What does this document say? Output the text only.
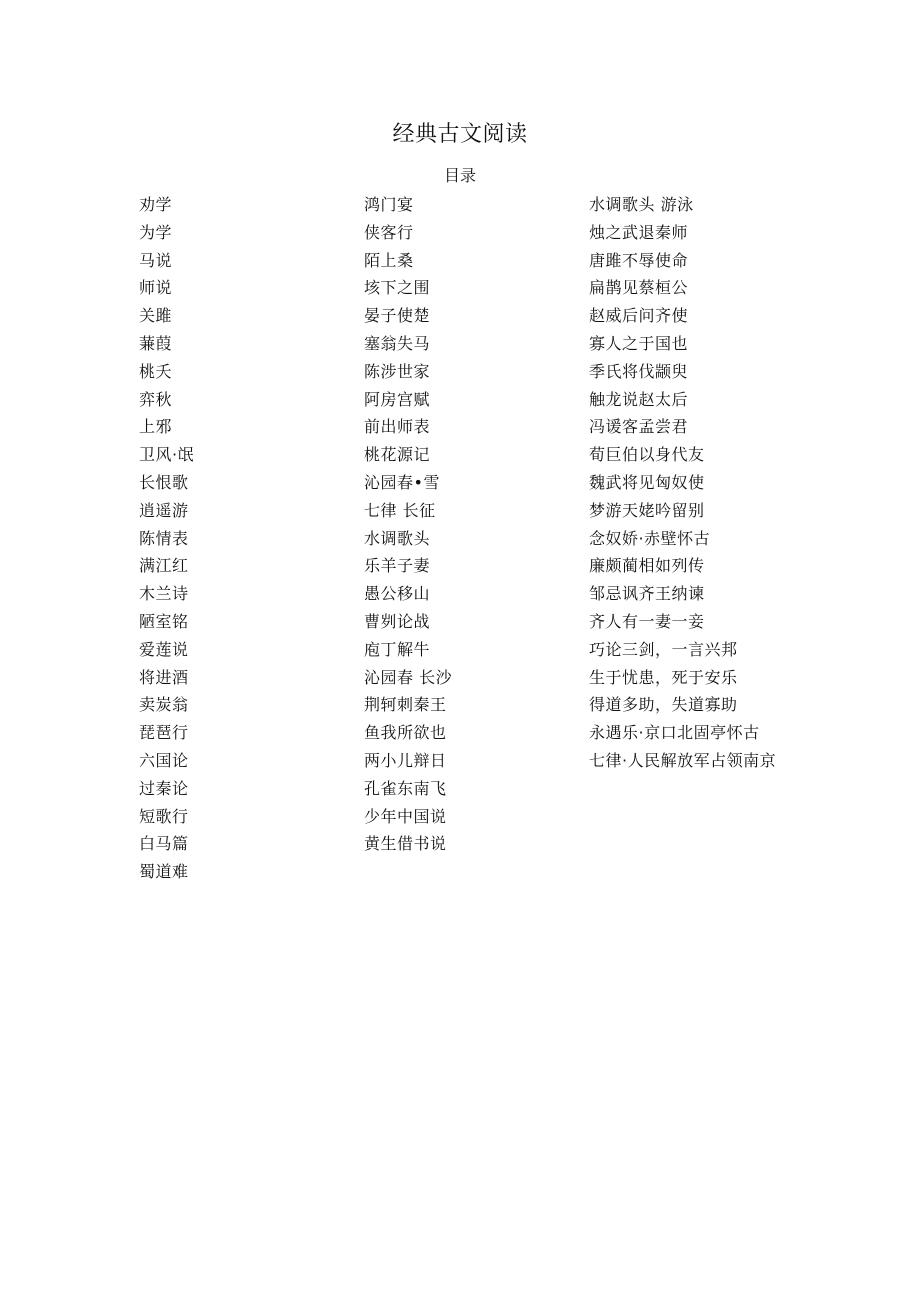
经典古文阅读
目录
劝学
为学
马说
师说
关雎
蒹葭
桃夭
弈秋
上邪
卫风·氓
长恨歌
逍遥游
陈情表
满江红
木兰诗
陋室铭
爱莲说
将进酒
卖炭翁
琵琶行
六国论
过秦论
短歌行
白马篇
蜀道难
鸿门宴
侠客行
陌上桑
垓下之围
晏子使楚
塞翁失马
陈涉世家
阿房宫赋
前出师表
桃花源记
沁园春•雪
七律 长征
水调歌头
乐羊子妻
愚公移山
曹刿论战
庖丁解牛
沁园春 长沙
荆轲刺秦王
鱼我所欲也
两小儿辩日
孔雀东南飞
少年中国说
黄生借书说
水调歌头 游泳
烛之武退秦师
唐雎不辱使命
扁鹊见蔡桓公
赵威后问齐使
寡人之于国也
季氏将伐颛臾
触龙说赵太后
冯谖客孟尝君
荀巨伯以身代友
魏武将见匈奴使
梦游天姥吟留别
念奴娇·赤壁怀古
廉颇蔺相如列传
邹忌讽齐王纳谏
齐人有一妻一妾
巧论三剑，一言兴邦
生于忧患，死于安乐
得道多助，失道寡助
永遇乐·京口北固亭怀古
七律·人民解放军占领南京
